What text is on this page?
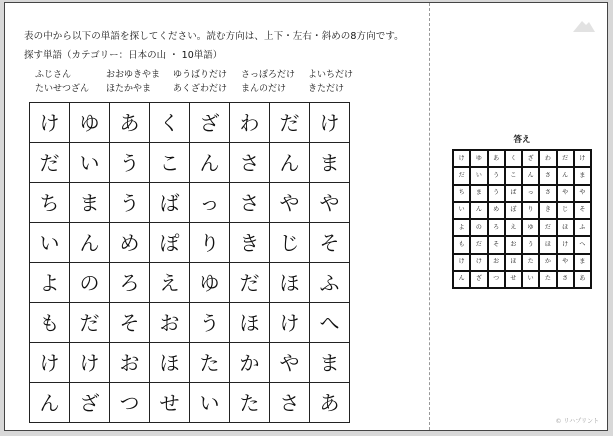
表の中から以下の単語を探してください。読む方向は、上下・左右・斜めの8方向です。
探す単語（カテゴリー：日本の山 ・ 10単語）
ふじさん	おおゆきやま ゆうばりだけ さっぽろだけ よいちだけ
たいせつざん ほたかやま あくざわだけ まんのだけ きただけ
け	ゆ	あ	く	ざ	わ	だ	け
だ	い	う	こ	ん	さ	ん	ま
ち	ま	う	ば	っ	さ	や	や
い	ん	め	ぽ	り	き	じ	そ
よ	の	ろ	え	ゆ	だ	ほ	ふ
も	だ	そ	お	う	ほ	け	へ
け	け	お	ほ	た	か	や	ま
ん	ざ	つ	せ	い	た	さ	あ
答え
け	ゆ	あ	く	ざ	わ	だ	け
だ	い	う	こ	ん	さ	ん	ま
ち	ま	う	ば	っ	さ	や	や
い	ん	め	ぽ	り	き	じ	そ
よ	の	ろ	え	ゆ	だ	ほ	ふ
も	だ	そ	お	う	ほ	け	へ
け	け	お	ほ	た	か	や	ま
ん	ざ	つ	せ	い	た	さ	あ
© リハプリント
